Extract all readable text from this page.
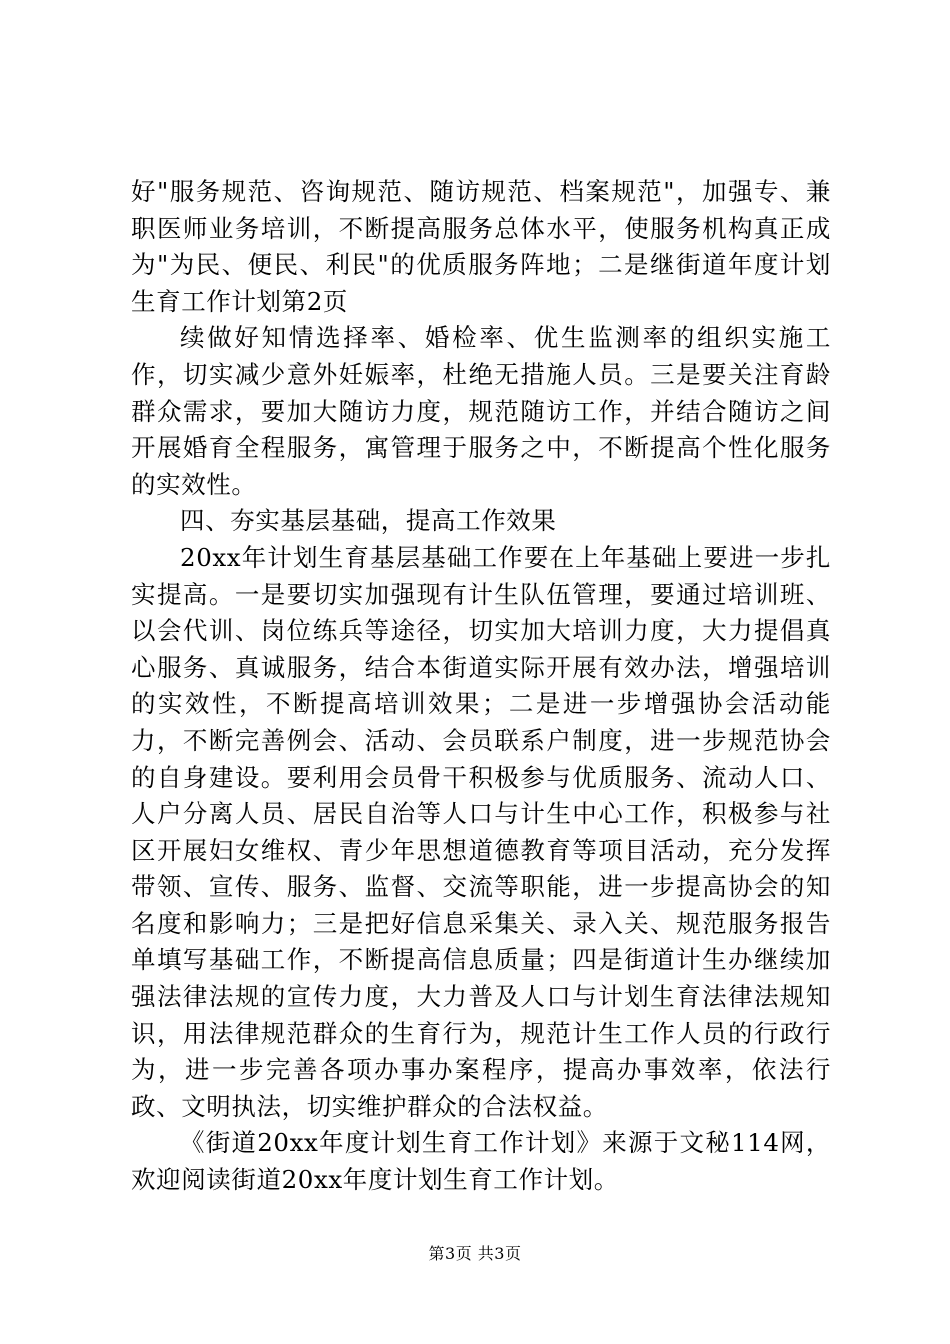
好"服务规范、咨询规范、随访规范、档案规范"，加强专、兼职医师业务培训，不断提高服务总体水平，使服务机构真正成为"为民、便民、利民"的优质服务阵地；二是继街道年度计划生育工作计划第2页

续做好知情选择率、婚检率、优生监测率的组织实施工作，切实减少意外妊娠率，杜绝无措施人员。三是要关注育龄群众需求，要加大随访力度，规范随访工作，并结合随访之间开展婚育全程服务，寓管理于服务之中，不断提高个性化服务的实效性。

四、夯实基层基础，提高工作效果

20xx年计划生育基层基础工作要在上年基础上要进一步扎实提高。一是要切实加强现有计生队伍管理，要通过培训班、以会代训、岗位练兵等途径，切实加大培训力度，大力提倡真心服务、真诚服务，结合本街道实际开展有效办法，增强培训的实效性，不断提高培训效果；二是进一步增强协会活动能力，不断完善例会、活动、会员联系户制度，进一步规范协会的自身建设。要利用会员骨干积极参与优质服务、流动人口、人户分离人员、居民自治等人口与计生中心工作，积极参与社区开展妇女维权、青少年思想道德教育等项目活动，充分发挥带领、宣传、服务、监督、交流等职能，进一步提高协会的知名度和影响力；三是把好信息采集关、录入关、规范服务报告单填写基础工作，不断提高信息质量；四是街道计生办继续加强法律法规的宣传力度，大力普及人口与计划生育法律法规知识，用法律规范群众的生育行为，规范计生工作人员的行政行为，进一步完善各项办事办案程序，提高办事效率，依法行政、文明执法，切实维护群众的合法权益。

《街道20xx年度计划生育工作计划》来源于文秘114网，欢迎阅读街道20xx年度计划生育工作计划。

第3页 共3页
